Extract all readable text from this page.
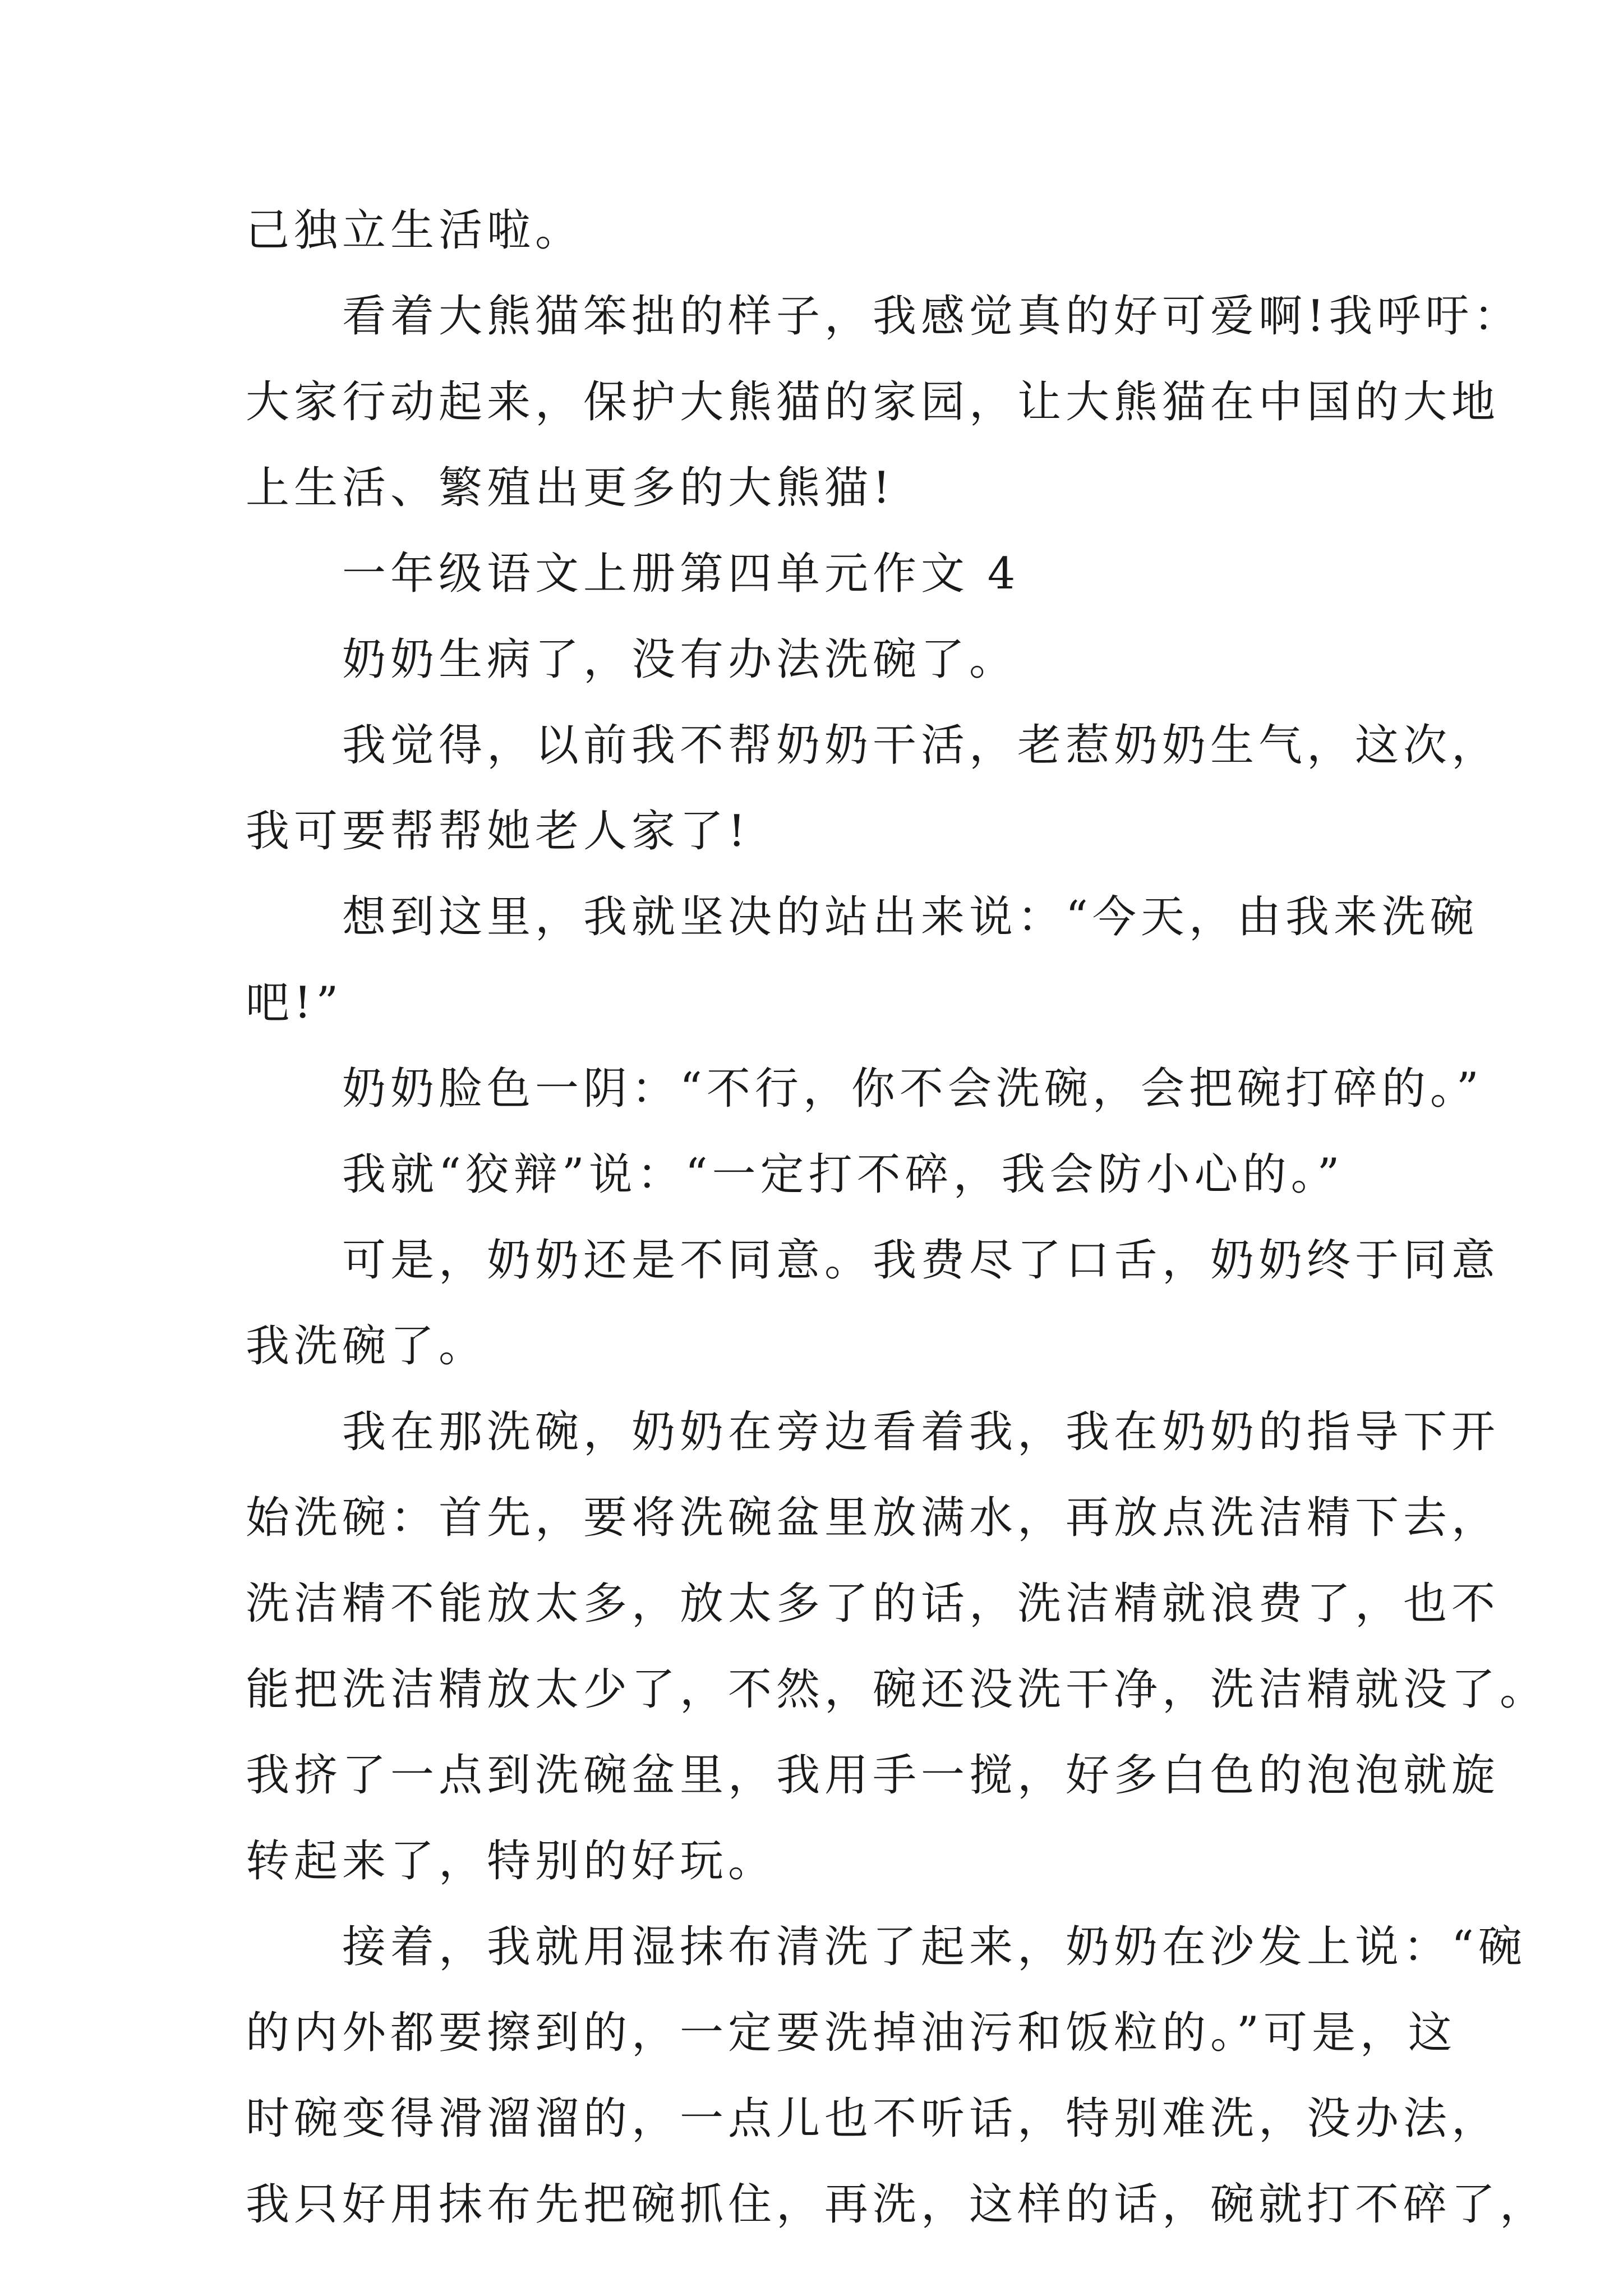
己独立生活啦。
看着大熊猫笨拙的样子，我感觉真的好可爱啊!我呼吁：
大家行动起来，保护大熊猫的家园，让大熊猫在中国的大地
上生活、繁殖出更多的大熊猫!
一年级语文上册第四单元作文 4
奶奶生病了，没有办法洗碗了。
我觉得，以前我不帮奶奶干活，老惹奶奶生气，这次，
我可要帮帮她老人家了!
想到这里，我就坚决的站出来说：“今天，由我来洗碗
吧!”
奶奶脸色一阴：“不行，你不会洗碗，会把碗打碎的。”
我就“狡辩”说：“一定打不碎，我会防小心的。”
可是，奶奶还是不同意。我费尽了口舌，奶奶终于同意
我洗碗了。
我在那洗碗，奶奶在旁边看着我，我在奶奶的指导下开
始洗碗：首先，要将洗碗盆里放满水，再放点洗洁精下去，
洗洁精不能放太多，放太多了的话，洗洁精就浪费了，也不
能把洗洁精放太少了，不然，碗还没洗干净，洗洁精就没了。
我挤了一点到洗碗盆里，我用手一搅，好多白色的泡泡就旋
转起来了，特别的好玩。
接着，我就用湿抹布清洗了起来，奶奶在沙发上说：“碗
的内外都要擦到的，一定要洗掉油污和饭粒的。”可是，这
时碗变得滑溜溜的，一点儿也不听话，特别难洗，没办法，
我只好用抹布先把碗抓住，再洗，这样的话，碗就打不碎了，
